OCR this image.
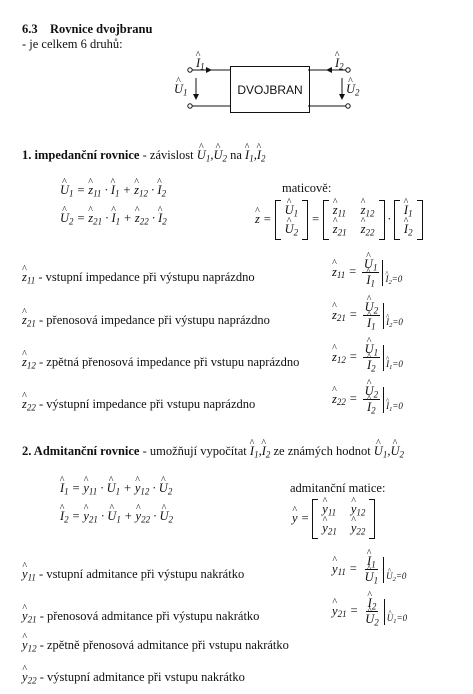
6.3 Rovnice dvojbranu
- je celkem 6 druhů:
DVOJBRAN
^ $I_1$
^ $U_1$
^ $I_2$
^ $U_2$
1. impedanční rovnice - závislost ^ $U_1,\^{}$ $U_2$ na ^ $I_1,\^{}$ $I_2$
^ $U_1$ = ^ $z_{11}$ · ^ $I_1$ + ^ $z_{12}$ · ^ $I_2$
^ $U_2$ = ^ $z_{21}$ · ^ $I_1$ + ^ $z_{22}$ · ^ $I_2$
maticově:
^ z =
^ $U_1$
^ $U_2$
=
^ $z_{11}$ ^ $z_{12}$
^ $z_{21}$ ^ $z_{22}$
·
^ $I_1$
^ $I_2$
^ $z_{11}$ - vstupní impedance při výstupu naprázdno	^ $z_{11}$ = ^ $U_1$
^ $I_1$ ^ $I_2=0$
^ $z_{21}$ - přenosová impedance při výstupu naprázdno	^ $z_{21}$ = ^ $U_2$
^ $I_1$ ^ $I_2=0$
^ $z_{12}$ - zpětná přenosová impedance při vstupu naprázdno	^ $z_{12}$ = ^ $U_1$
^ $I_2$ ^ $I_1=0$
^ $z_{22}$ - výstupní impedance při vstupu naprázdno	^ $z_{22}$ = ^ $U_2$
^ $I_2$ ^ $I_1=0$
2. Admitanční rovnice - umožňují vypočítat ^ $I_1,\^{}$ $I_2$ ze známých hodnot ^ $U_1,\^{}$ $U_2$
^ $I_1$ = ^ $y_{11}$ · ^ $U_1$ + ^ $y_{12}$ · ^ $U_2$
^ $I_2$ = ^ $y_{21}$ · ^ $U_1$ + ^ $y_{22}$ · ^ $U_2$
admitanční matice:
^ y =
^ $y_{11}$ ^ $y_{12}$
^ $y_{21}$ ^ $y_{22}$
^ $y_{11}$ - vstupní admitance při výstupu nakrátko	^ $y_{11}$ = ^ $I_1$
^ $U_1$ ^ $U_2=0$
^ $y_{21}$ - přenosová admitance při výstupu nakrátko	^ $y_{21}$ = ^ $I_2$
^ $U_2$ ^ $U_1=0$
^ $y_{12}$ - zpětně přenosová admitance při vstupu nakrátko
^ $y_{22}$ - výstupní admitance při vstupu nakrátko
